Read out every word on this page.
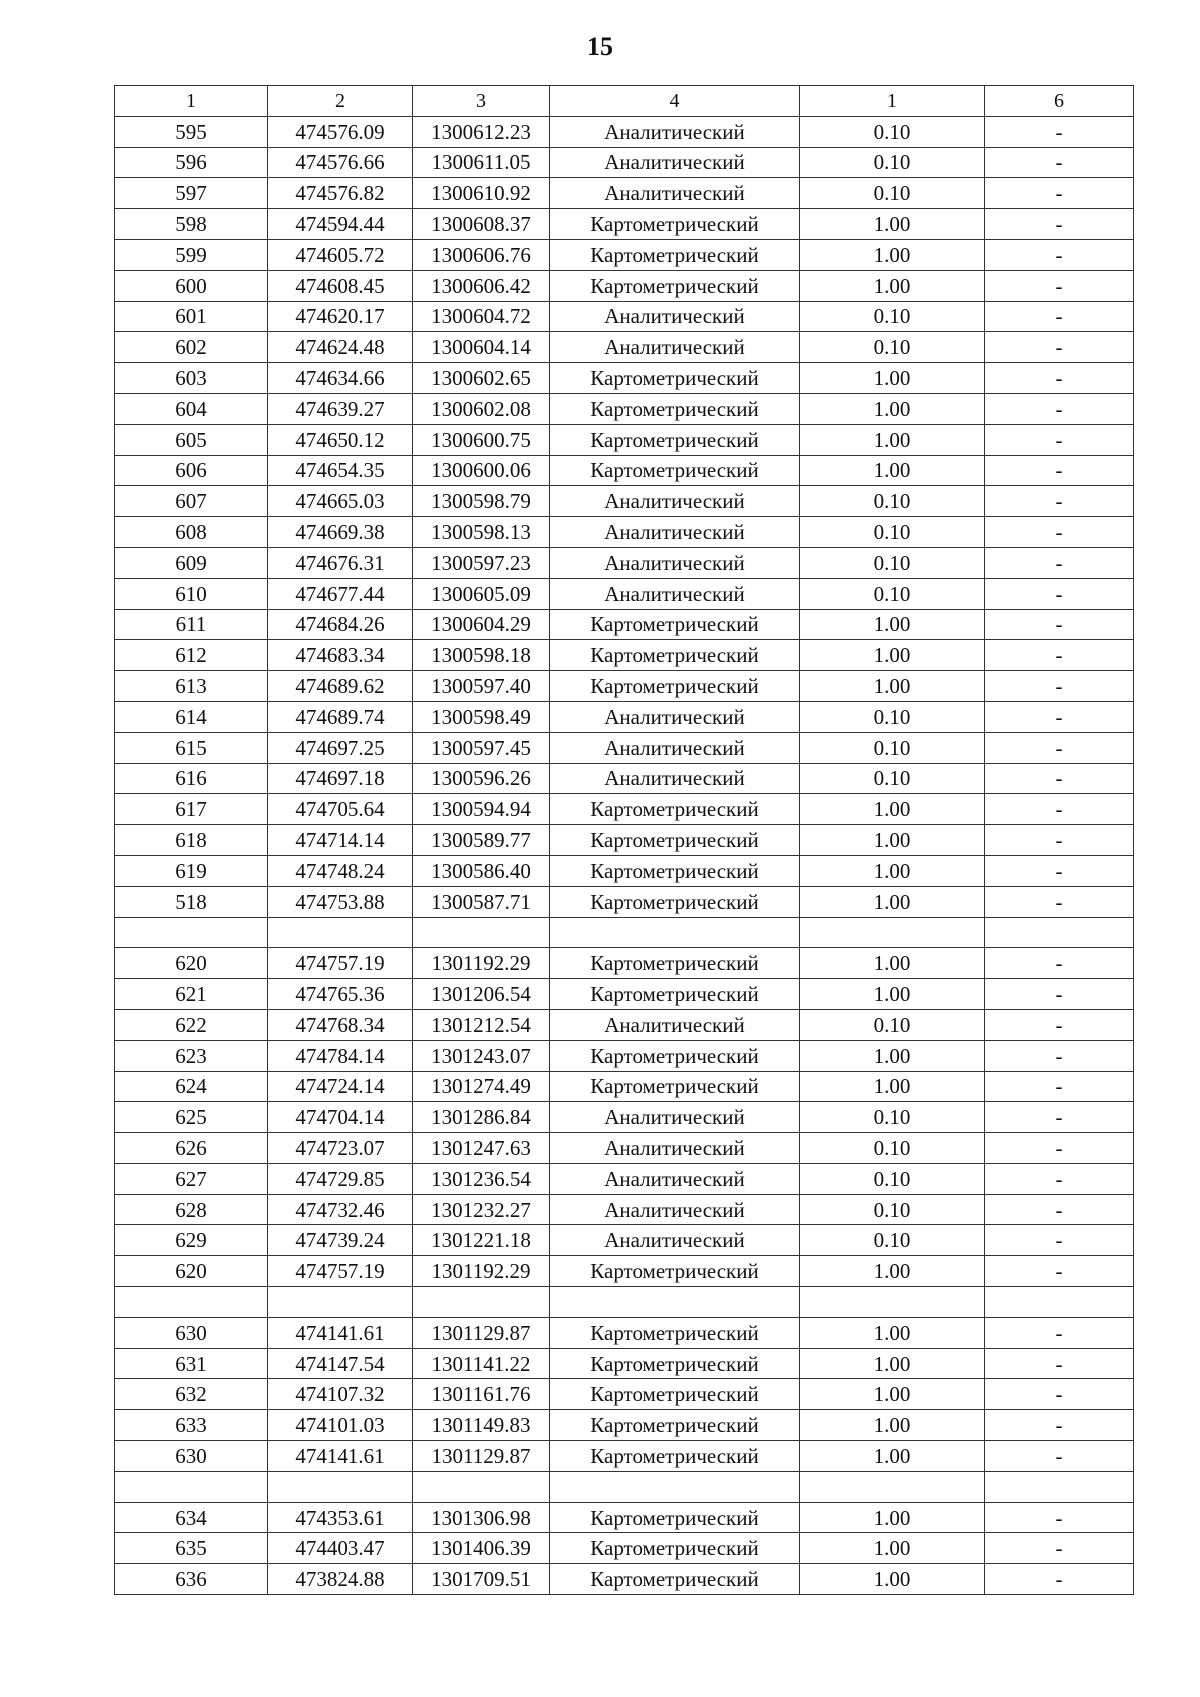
15
1	2	3	4	1	6
595	474576.09	1300612.23	Аналитический	0.10	-
596	474576.66	1300611.05	Аналитический	0.10	-
597	474576.82	1300610.92	Аналитический	0.10	-
598	474594.44	1300608.37	Картометрический	1.00	-
599	474605.72	1300606.76	Картометрический	1.00	-
600	474608.45	1300606.42	Картометрический	1.00	-
601	474620.17	1300604.72	Аналитический	0.10	-
602	474624.48	1300604.14	Аналитический	0.10	-
603	474634.66	1300602.65	Картометрический	1.00	-
604	474639.27	1300602.08	Картометрический	1.00	-
605	474650.12	1300600.75	Картометрический	1.00	-
606	474654.35	1300600.06	Картометрический	1.00	-
607	474665.03	1300598.79	Аналитический	0.10	-
608	474669.38	1300598.13	Аналитический	0.10	-
609	474676.31	1300597.23	Аналитический	0.10	-
610	474677.44	1300605.09	Аналитический	0.10	-
611	474684.26	1300604.29	Картометрический	1.00	-
612	474683.34	1300598.18	Картометрический	1.00	-
613	474689.62	1300597.40	Картометрический	1.00	-
614	474689.74	1300598.49	Аналитический	0.10	-
615	474697.25	1300597.45	Аналитический	0.10	-
616	474697.18	1300596.26	Аналитический	0.10	-
617	474705.64	1300594.94	Картометрический	1.00	-
618	474714.14	1300589.77	Картометрический	1.00	-
619	474748.24	1300586.40	Картометрический	1.00	-
518	474753.88	1300587.71	Картометрический	1.00	-

620	474757.19	1301192.29	Картометрический	1.00	-
621	474765.36	1301206.54	Картометрический	1.00	-
622	474768.34	1301212.54	Аналитический	0.10	-
623	474784.14	1301243.07	Картометрический	1.00	-
624	474724.14	1301274.49	Картометрический	1.00	-
625	474704.14	1301286.84	Аналитический	0.10	-
626	474723.07	1301247.63	Аналитический	0.10	-
627	474729.85	1301236.54	Аналитический	0.10	-
628	474732.46	1301232.27	Аналитический	0.10	-
629	474739.24	1301221.18	Аналитический	0.10	-
620	474757.19	1301192.29	Картометрический	1.00	-

630	474141.61	1301129.87	Картометрический	1.00	-
631	474147.54	1301141.22	Картометрический	1.00	-
632	474107.32	1301161.76	Картометрический	1.00	-
633	474101.03	1301149.83	Картометрический	1.00	-
630	474141.61	1301129.87	Картометрический	1.00	-

634	474353.61	1301306.98	Картометрический	1.00	-
635	474403.47	1301406.39	Картометрический	1.00	-
636	473824.88	1301709.51	Картометрический	1.00	-
